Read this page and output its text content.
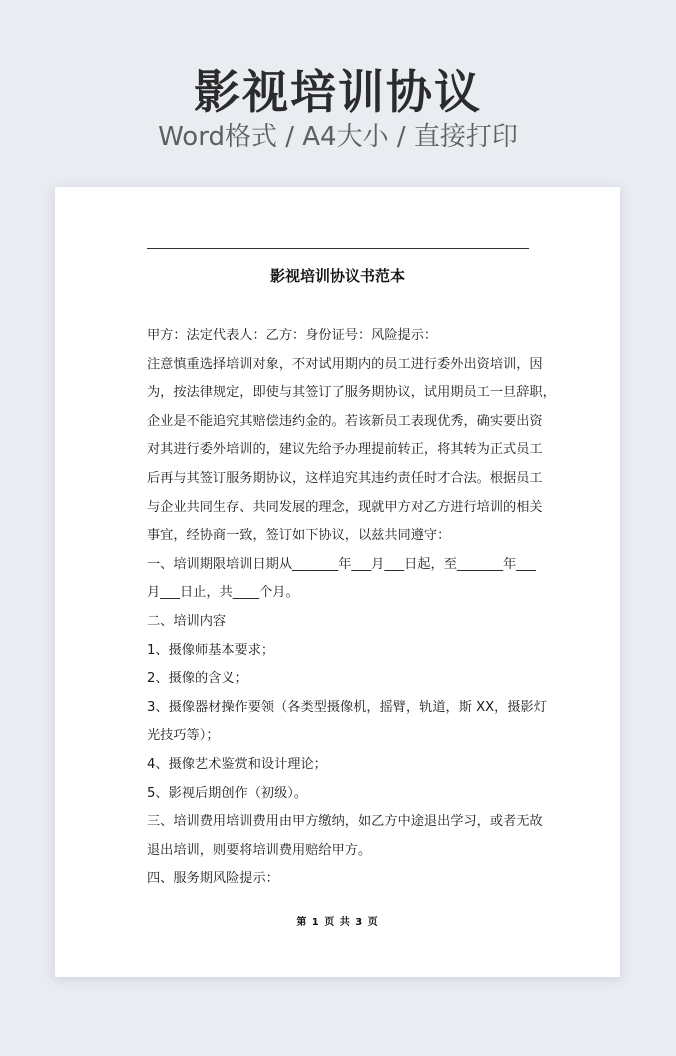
影视培训协议
Word格式 / A4大小 / 直接打印
影视培训协议书范本
甲方：法定代表人：乙方：身份证号：风险提示：
注意慎重选择培训对象，不对试用期内的员工进行委外出资培训，因
为，按法律规定，即使与其签订了服务期协议，试用期员工一旦辞职，
企业是不能追究其赔偿违约金的。若该新员工表现优秀，确实要出资
对其进行委外培训的，建议先给予办理提前转正，将其转为正式员工
后再与其签订服务期协议，这样追究其违约责任时才合法。根据员工
与企业共同生存、共同发展的理念，现就甲方对乙方进行培训的相关
事宜，经协商一致，签订如下协议，以兹共同遵守：
一、培训期限培训日期从_______年___月___日起，至_______年___
月___日止，共____个月。
二、培训内容
1、摄像师基本要求；
2、摄像的含义；
3、摄像器材操作要领（各类型摄像机，摇臂，轨道，斯 XX，摄影灯
光技巧等）；
4、摄像艺术鉴赏和设计理论；
5、影视后期创作（初级）。
三、培训费用培训费用由甲方缴纳，如乙方中途退出学习，或者无故
退出培训，则要将培训费用赔给甲方。
四、服务期风险提示：
第 1 页 共 3 页
